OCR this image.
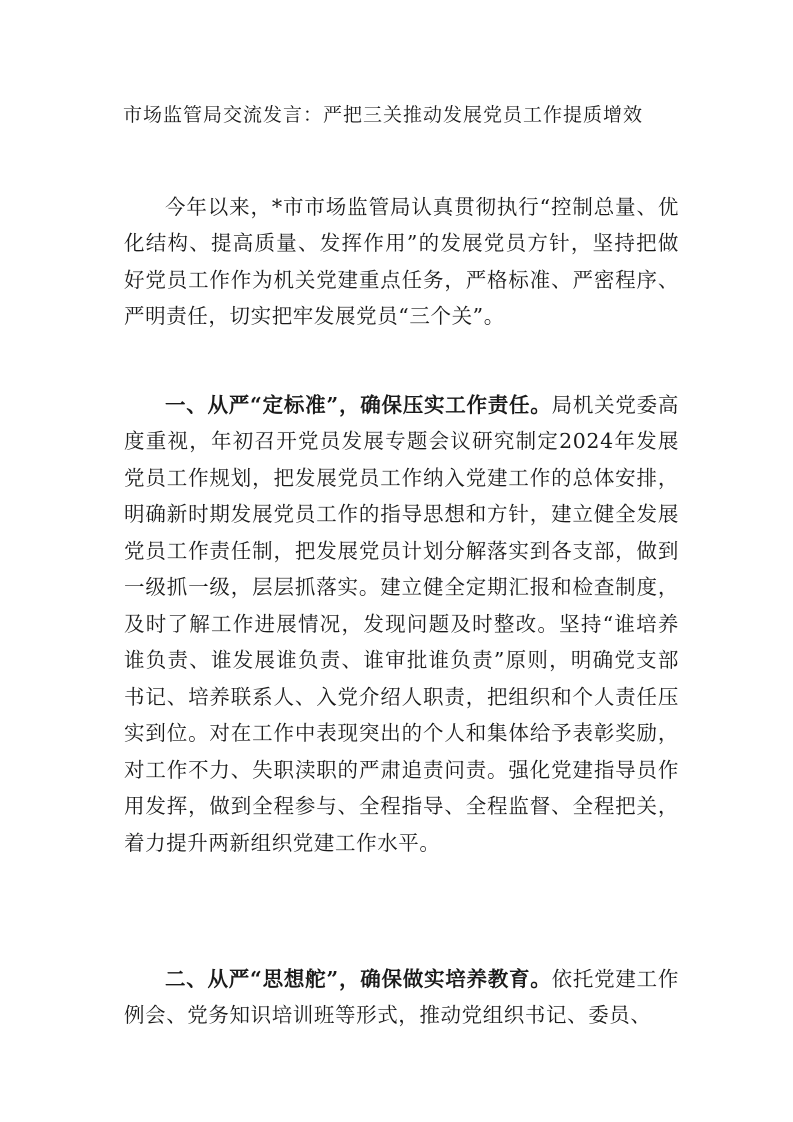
市场监管局交流发言：严把三关推动发展党员工作提质增效

今年以来，*市市场监管局认真贯彻执行“控制总量、优化结构、提高质量、发挥作用”的发展党员方针，坚持把做好党员工作作为机关党建重点任务，严格标准、严密程序、严明责任，切实把牢发展党员“三个关”。

一、从严“定标准”，确保压实工作责任。局机关党委高度重视，年初召开党员发展专题会议研究制定2024年发展党员工作规划，把发展党员工作纳入党建工作的总体安排，明确新时期发展党员工作的指导思想和方针，建立健全发展党员工作责任制，把发展党员计划分解落实到各支部，做到一级抓一级，层层抓落实。建立健全定期汇报和检查制度，及时了解工作进展情况，发现问题及时整改。坚持“谁培养谁负责、谁发展谁负责、谁审批谁负责”原则，明确党支部书记、培养联系人、入党介绍人职责，把组织和个人责任压实到位。对在工作中表现突出的个人和集体给予表彰奖励，对工作不力、失职渎职的严肃追责问责。强化党建指导员作用发挥，做到全程参与、全程指导、全程监督、全程把关，着力提升两新组织党建工作水平。

二、从严“思想舵”，确保做实培养教育。依托党建工作例会、党务知识培训班等形式，推动党组织书记、委员、
